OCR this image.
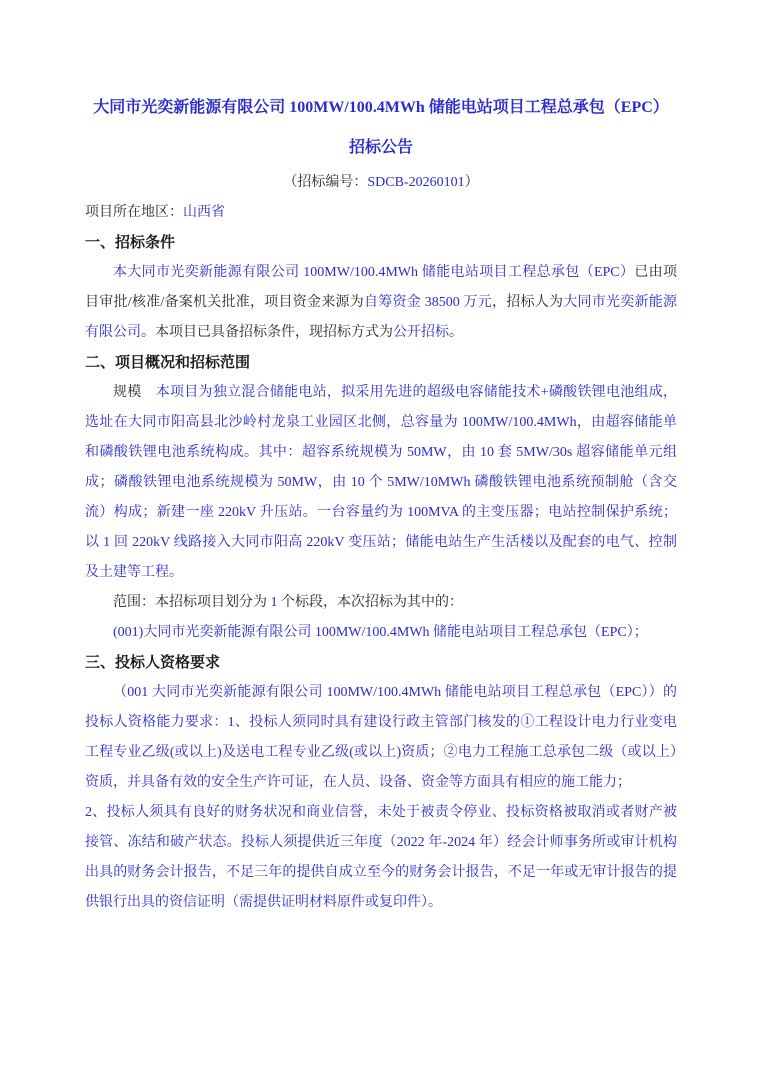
大同市光奕新能源有限公司 100MW/100.4MWh 储能电站项目工程总承包（EPC）招标公告

（招标编号：SDCB-20260101）

项目所在地区：山西省

一、招标条件

本大同市光奕新能源有限公司 100MW/100.4MWh 储能电站项目工程总承包（EPC）已由项目审批/核准/备案机关批准，项目资金来源为自筹资金 38500 万元，招标人为大同市光奕新能源有限公司。本项目已具备招标条件，现招标方式为公开招标。

二、项目概况和招标范围

规模　本项目为独立混合储能电站，拟采用先进的超级电容储能技术+磷酸铁锂电池组成，选址在大同市阳高县北沙岭村龙泉工业园区北侧，总容量为 100MW/100.4MWh，由超容储能单和磷酸铁锂电池系统构成。其中：超容系统规模为 50MW，由 10 套 5MW/30s 超容储能单元组成；磷酸铁锂电池系统规模为 50MW，由 10 个 5MW/10MWh 磷酸铁锂电池系统预制舱（含交流）构成；新建一座 220kV 升压站。一台容量约为 100MVA 的主变压器；电站控制保护系统；以 1 回 220kV 线路接入大同市阳高 220kV 变压站；储能电站生产生活楼以及配套的电气、控制及土建等工程。

范围：本招标项目划分为 1 个标段，本次招标为其中的：

(001)大同市光奕新能源有限公司 100MW/100.4MWh 储能电站项目工程总承包（EPC）；

三、投标人资格要求

（001 大同市光奕新能源有限公司 100MW/100.4MWh 储能电站项目工程总承包（EPC））的投标人资格能力要求：1、投标人须同时具有建设行政主管部门核发的①工程设计电力行业变电工程专业乙级(或以上)及送电工程专业乙级(或以上)资质；②电力工程施工总承包二级（或以上）资质，并具备有效的安全生产许可证，在人员、设备、资金等方面具有相应的施工能力；

2、投标人须具有良好的财务状况和商业信誉，未处于被责令停业、投标资格被取消或者财产被接管、冻结和破产状态。投标人须提供近三年度（2022 年-2024 年）经会计师事务所或审计机构出具的财务会计报告，不足三年的提供自成立至今的财务会计报告，不足一年或无审计报告的提供银行出具的资信证明（需提供证明材料原件或复印件）。
